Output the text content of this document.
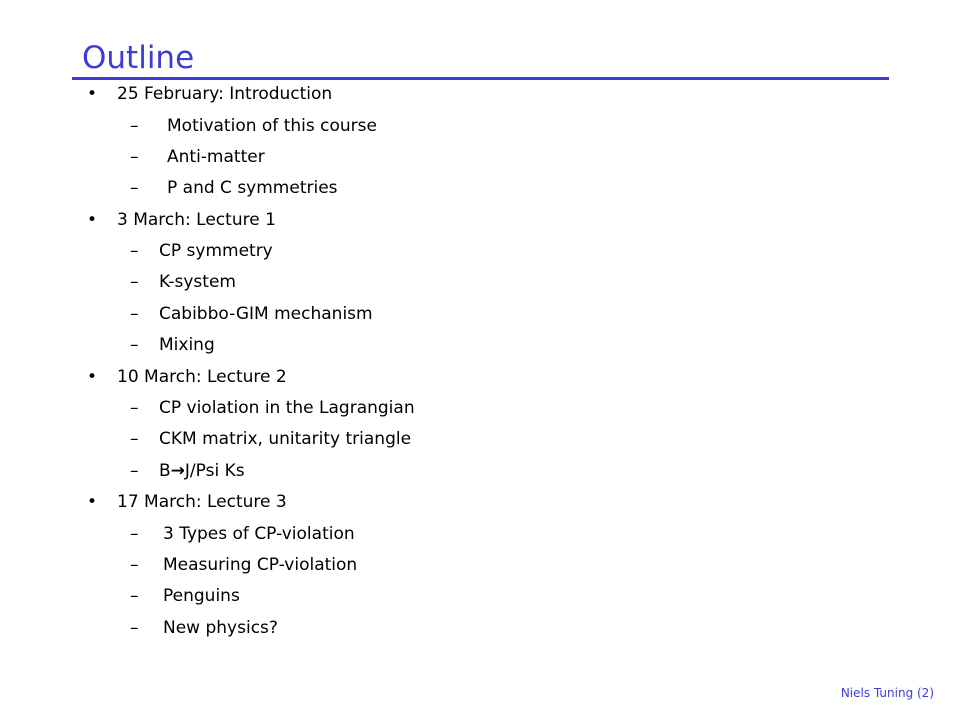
Outline
• 25 February: Introduction
– Motivation of this course
– Anti-matter
– P and C symmetries
• 3 March: Lecture 1
– CP symmetry
– K-system
– Cabibbo-GIM mechanism
– Mixing
• 10 March: Lecture 2
– CP violation in the Lagrangian
– CKM matrix, unitarity triangle
– B→J/Psi Ks
• 17 March: Lecture 3
– 3 Types of CP-violation
– Measuring CP-violation
– Penguins
– New physics?
Niels Tuning (2)
